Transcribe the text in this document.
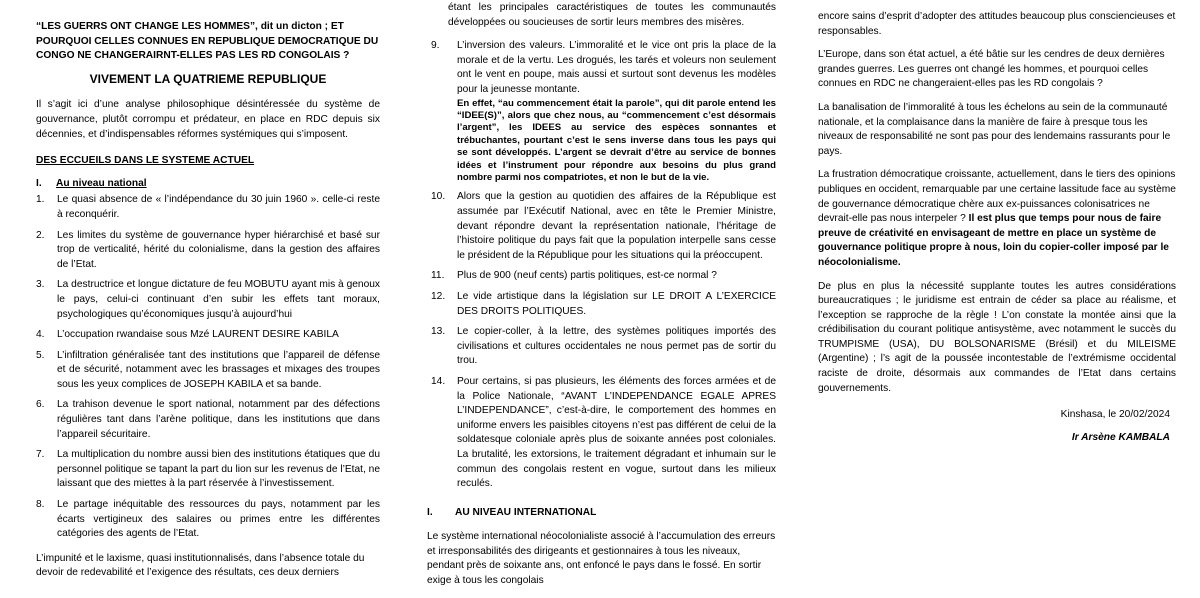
“LES GUERRS ONT CHANGE LES HOMMES”, dit un dicton ; ET POURQUOI CELLES CONNUES EN REPUBLIQUE DEMOCRATIQUE DU CONGO NE CHANGERAIRNT-ELLES PAS LES RD CONGOLAIS ?

VIVEMENT LA QUATRIEME REPUBLIQUE

Il s’agit ici d’une analyse philosophique désintéressée du système de gouvernance, plutôt corrompu et prédateur, en place en RDC depuis six décennies, et d’indispensables réformes systémiques qui s’imposent.

DES ECCUEILS DANS LE SYSTEME ACTUEL
I.	Au niveau national
1.	Le quasi absence de « l’indépendance du 30 juin 1960 ». celle-ci reste à reconquérir.

2.	Les limites du système de gouvernance hyper hiérarchisé et basé sur trop de verticalité, hérité du colonialisme, dans la gestion des affaires de l’Etat.

3.	La destructrice et longue dictature de feu MOBUTU ayant mis à genoux le pays, celui-ci continuant d’en subir les effets tant moraux, psychologiques qu’économiques jusqu’à aujourd’hui

4.	L’occupation rwandaise sous Mzé LAURENT DESIRE KABILA

5.	L’infiltration généralisée tant des institutions que l’appareil de défense et de sécurité, notamment avec les brassages et mixages des troupes sous les yeux complices de JOSEPH KABILA et sa bande.

6.	La trahison devenue le sport national, notamment par des défections régulières tant dans l’arène politique, dans les institutions que dans l’appareil sécuritaire.

7.	La multiplication du nombre aussi bien des institutions étatiques que du personnel politique se tapant la part du lion sur les revenus de l’Etat, ne laissant que des miettes à la part réservée à l’investissement.

8.	Le partage inéquitable des ressources du pays, notamment par les écarts vertigineux des salaires ou primes entre les différentes catégories des agents de l’Etat.

L’impunité et le laxisme, quasi institutionnalisés, dans l’absence totale du devoir de redevabilité et l’exigence des résultats, ces deux derniers

étant les principales caractéristiques de toutes les communautés développées ou soucieuses de sortir leurs membres des misères.

9.	L’inversion des valeurs. L’immoralité et le vice ont pris la place de la morale et de la vertu. Les drogués, les tarés et voleurs non seulement ont le vent en poupe, mais aussi et surtout sont devenus les modèles pour la jeunesse montante.

En effet, “au commencement était la parole”, qui dit parole entend les “IDEE(S)”, alors que chez nous, au “commencement c’est désormais l’argent”, les IDEES au service des espèces sonnantes et trébuchantes, pourtant c’est le sens inverse dans tous les pays qui se sont développés. L’argent se devrait d’être au service de bonnes idées et l’instrument pour répondre aux besoins du plus grand nombre parmi nos compatriotes, et non le but de la vie.

10.	Alors que la gestion au quotidien des affaires de la République est assumée par l’Exécutif National, avec en tête le Premier Ministre, devant répondre devant la représentation nationale, l’héritage de l’histoire politique du pays fait que la population interpelle sans cesse le président de la République pour les situations qui la préoccupent.

11.	Plus de 900 (neuf cents) partis politiques, est-ce normal ?

12.	Le vide artistique dans la législation sur LE DROIT A L’EXERCICE DES DROITS POLITIQUES.

13.	Le copier-coller, à la lettre, des systèmes politiques importés des civilisations et cultures occidentales ne nous permet pas de sortir du trou.

14.	Pour certains, si pas plusieurs, les éléments des forces armées et de la Police Nationale, “AVANT L’INDEPENDANCE EGALE APRES L’INDEPENDANCE”, c’est-à-dire, le comportement des hommes en uniforme envers les paisibles citoyens n’est pas différent de celui de la soldatesque coloniale après plus de soixante années post coloniales. La brutalité, les extorsions, le traitement dégradant et inhumain sur le commun des congolais restent en vogue, surtout dans les milieux reculés.

I.	AU NIVEAU INTERNATIONAL

Le système international néocolonialiste associé à l’accumulation des erreurs et irresponsabilités des dirigeants et gestionnaires à tous les niveaux, pendant près de soixante ans, ont enfoncé le pays dans le fossé. En sortir exige à tous les congolais

encore sains d’esprit d’adopter des attitudes beaucoup plus consciencieuses et responsables.

L’Europe, dans son état actuel, a été bâtie sur les cendres de deux dernières grandes guerres. Les guerres ont changé les hommes, et pourquoi celles connues en RDC ne changeraient-elles pas les RD congolais ?

La banalisation de l’immoralité à tous les échelons au sein de la communauté nationale, et la complaisance dans la manière de faire à presque tous les niveaux de responsabilité ne sont pas pour des lendemains rassurants pour le pays.

La frustration démocratique croissante, actuellement, dans le tiers des opinions publiques en occident, remarquable par une certaine lassitude face au système de gouvernance démocratique chère aux ex-puissances colonisatrices ne devrait-elle pas nous interpeler ? Il est plus que temps pour nous de faire preuve de créativité en envisageant de mettre en place un système de gouvernance politique propre à nous, loin du copier-coller imposé par le néocolonialisme.

De plus en plus la nécessité supplante toutes les autres considérations bureaucratiques ; le juridisme est entrain de céder sa place au réalisme, et l’exception se rapproche de la règle ! L’on constate la montée ainsi que la crédibilisation du courant politique antisystème, avec notamment le succès du TRUMPISME (USA), DU BOLSONARISME (Brésil) et du MILEISME (Argentine) ; l’s agit de la poussée incontestable de l’extrémisme occidental raciste de droite, désormais aux commandes de l’Etat dans certains gouvernements.

Kinshasa, le 20/02/2024
Ir Arsène KAMBALA
